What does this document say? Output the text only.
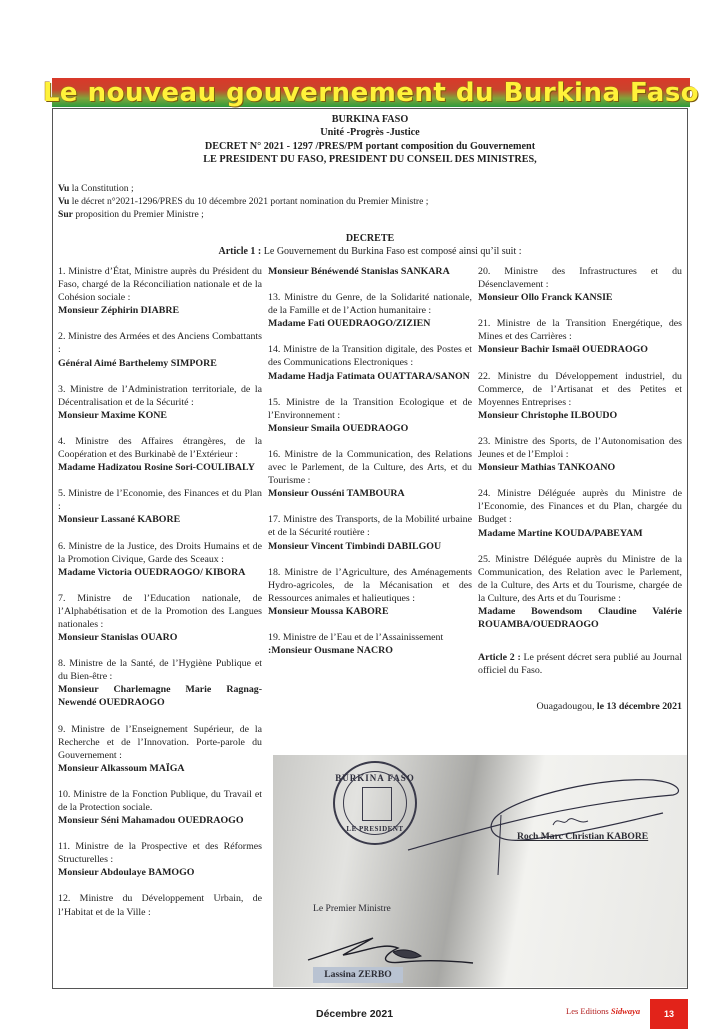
Le nouveau gouvernement du Burkina Faso
BURKINA FASO
Unité -Progrès -Justice
DECRET N° 2021 - 1297 /PRES/PM portant composition du Gouvernement
LE PRESIDENT DU FASO, PRESIDENT DU CONSEIL DES MINISTRES,
Vu la Constitution ;
Vu le décret n°2021-1296/PRES du 10 décembre 2021 portant nomination du Premier Ministre ;
Sur proposition du Premier Ministre ;
DECRETE
Article 1 : Le Gouvernement du Burkina Faso est composé ainsi qu’il suit :
1. Ministre d’État, Ministre auprès du Président du Faso, chargé de la Réconciliation nationale et de la Cohésion sociale :
Monsieur Zéphirin DIABRE
2. Ministre des Armées et des Anciens Combattants :
Général Aimé Barthelemy SIMPORE
3. Ministre de l’Administration territoriale, de la Décentralisation et de la Sécurité :
Monsieur Maxime KONE
4. Ministre des Affaires étrangères, de la Coopération et des Burkinabè de l’Extérieur :
Madame Hadizatou Rosine Sori-COULIBALY
5. Ministre de l’Economie, des Finances et du Plan :
Monsieur Lassané KABORE
6. Ministre de la Justice, des Droits Humains et de la Promotion Civique, Garde des Sceaux :
Madame Victoria OUEDRAOGO/ KIBORA
7. Ministre de l’Education nationale, de l’Alphabétisation et de la Promotion des Langues nationales :
Monsieur Stanislas OUARO
8. Ministre de la Santé, de l’Hygiène Publique et du Bien-être :
Monsieur Charlemagne Marie Ragnag-Newendé OUEDRAOGO
9. Ministre de l’Enseignement Supérieur, de la Recherche et de l’Innovation. Porte-parole du Gouvernement :
Monsieur Alkassoum MAÏGA
10. Ministre de la Fonction Publique, du Travail et de la Protection sociale.
Monsieur Séni Mahamadou OUEDRAOGO
11. Ministre de la Prospective et des Réformes Structurelles :
Monsieur Abdoulaye BAMOGO
12. Ministre du Développement Urbain, de l’Habitat et de la Ville :
Monsieur Bénéwendé Stanislas SANKARA
13. Ministre du Genre, de la Solidarité nationale, de la Famille et de l’Action humanitaire :
Madame Fati OUEDRAOGO/ZIZIEN
14. Ministre de la Transition digitale, des Postes et des Communications Electroniques :
Madame Hadja Fatimata OUATTARA/SANON
15. Ministre de la Transition Ecologique et de l’Environnement :
Monsieur Smaila OUEDRAOGO
16. Ministre de la Communication, des Relations avec le Parlement, de la Culture, des Arts, et du Tourisme :
Monsieur Ousséni TAMBOURA
17. Ministre des Transports, de la Mobilité urbaine et de la Sécurité routière :
Monsieur Vincent Timbindi DABILGOU
18. Ministre de l’Agriculture, des Aménagements Hydro-agricoles, de la Mécanisation et des Ressources animales et halieutiques :
Monsieur Moussa KABORE
19. Ministre de l’Eau et de l’Assainissement
:Monsieur Ousmane NACRO
20. Ministre des Infrastructures et du Désenclavement :
Monsieur Ollo Franck KANSIE
21. Ministre de la Transition Energétique, des Mines et des Carrières :
Monsieur Bachir Ismaël OUEDRAOGO
22. Ministre du Développement industriel, du Commerce, de l’Artisanat et des Petites et Moyennes Entreprises :
Monsieur Christophe ILBOUDO
23. Ministre des Sports, de l’Autonomisation des Jeunes et de l’Emploi :
Monsieur Mathias TANKOANO
24. Ministre Déléguée auprès du Ministre de l’Economie, des Finances et du Plan, chargée du Budget :
Madame Martine KOUDA/PABEYAM
25. Ministre Déléguée auprès du Ministre de la Communication, des Relation avec le Parlement, de la Culture, des Arts et du Tourisme, chargée de la Culture, des Arts et du Tourisme :
Madame Bowendsom Claudine Valérie ROUAMBA/OUEDRAOGO
Article 2 : Le présent décret sera publié au Journal officiel du Faso.
Ouagadougou, le 13 décembre 2021
BURKINA FASO
LE PRESIDENT
Roch Marc Christian KABORE
Le Premier Ministre
Lassina ZERBO
Décembre 2021	Les Editions Sidwaya	13
